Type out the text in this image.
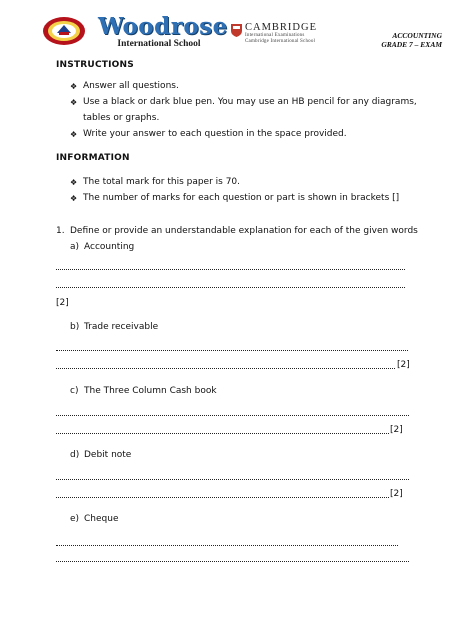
Woodrose
International School
CAMBRIDGE
International Examinations
Cambridge International School
ACCOUNTING
GRADE 7 – EXAM
INSTRUCTIONS
❖ Answer all questions.
❖ Use a black or dark blue pen. You may use an HB pencil for any diagrams,
tables or graphs.
❖ Write your answer to each question in the space provided.
INFORMATION
❖ The total mark for this paper is 70.
❖ The number of marks for each question or part is shown in brackets []
1. Define or provide an understandable explanation for each of the given words
a) Accounting
[2]
b) Trade receivable
[2]
c) The Three Column Cash book
[2]
d) Debit note
[2]
e) Cheque
